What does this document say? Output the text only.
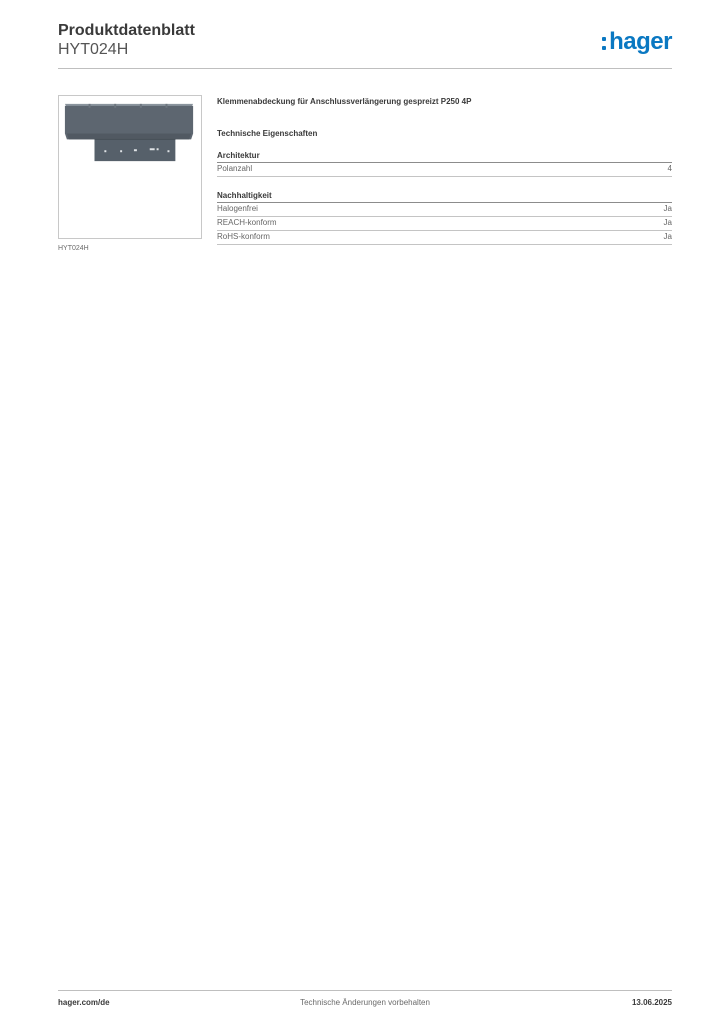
Produktdatenblatt
HYT024H	hager
HYT024H
Klemmenabdeckung für Anschlussverlängerung gespreizt P250 4P
Technische Eigenschaften
Architektur
Polanzahl	4
Nachhaltigkeit
Halogenfrei	Ja
REACH-konform	Ja
RoHS-konform	Ja
hager.com/de	Technische Änderungen vorbehalten	13.06.2025
